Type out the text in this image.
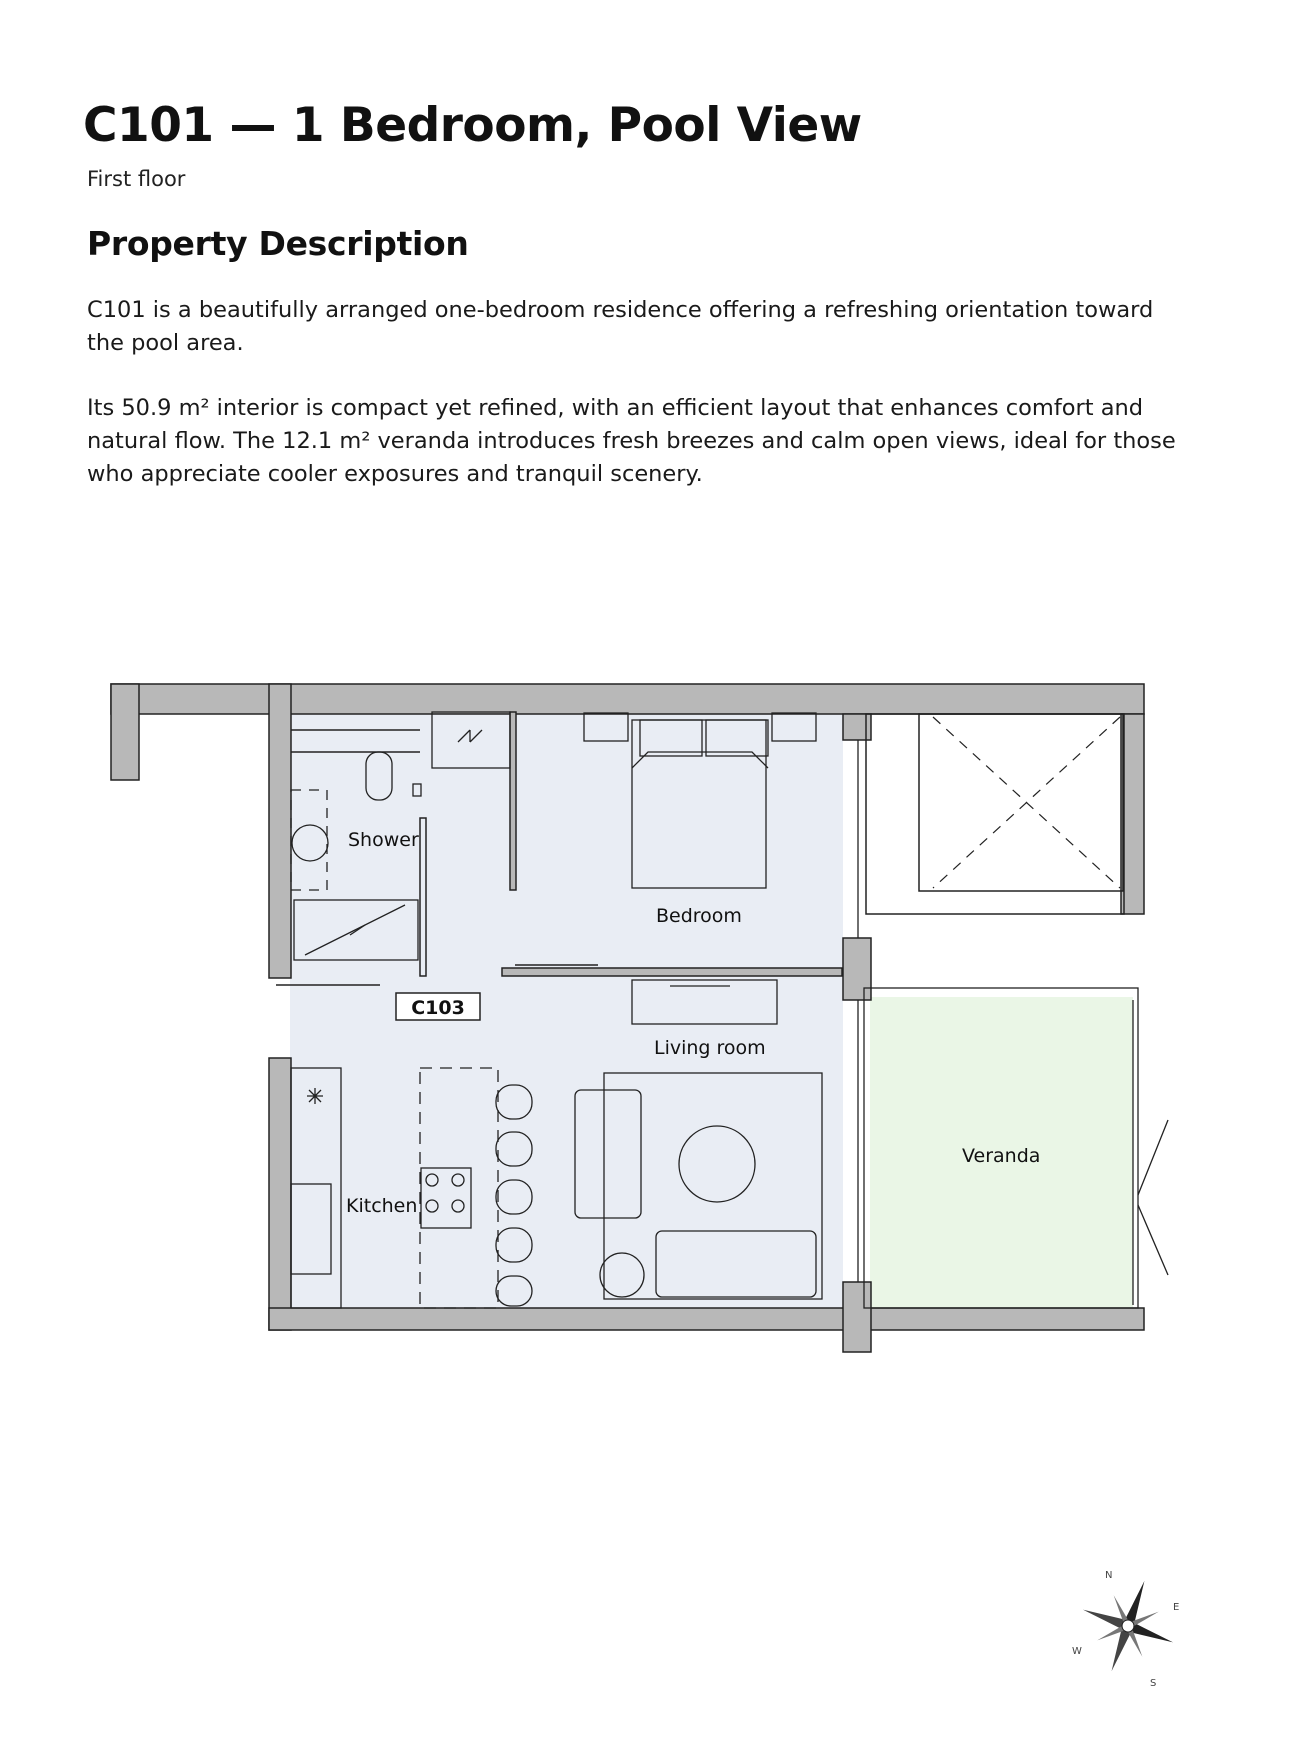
C101 — 1 Bedroom, Pool View

First floor

Property Description

C101 is a beautifully arranged one-bedroom residence offering a refreshing orientation toward the pool area.

Its 50.9 m² interior is compact yet refined, with an efficient layout that enhances comfort and natural flow. The 12.1 m² veranda introduces fresh breezes and calm open views, ideal for those who appreciate cooler exposures and tranquil scenery.

Shower
Bedroom
Living room
Kitchen
Veranda
C103
N
E
S
W
